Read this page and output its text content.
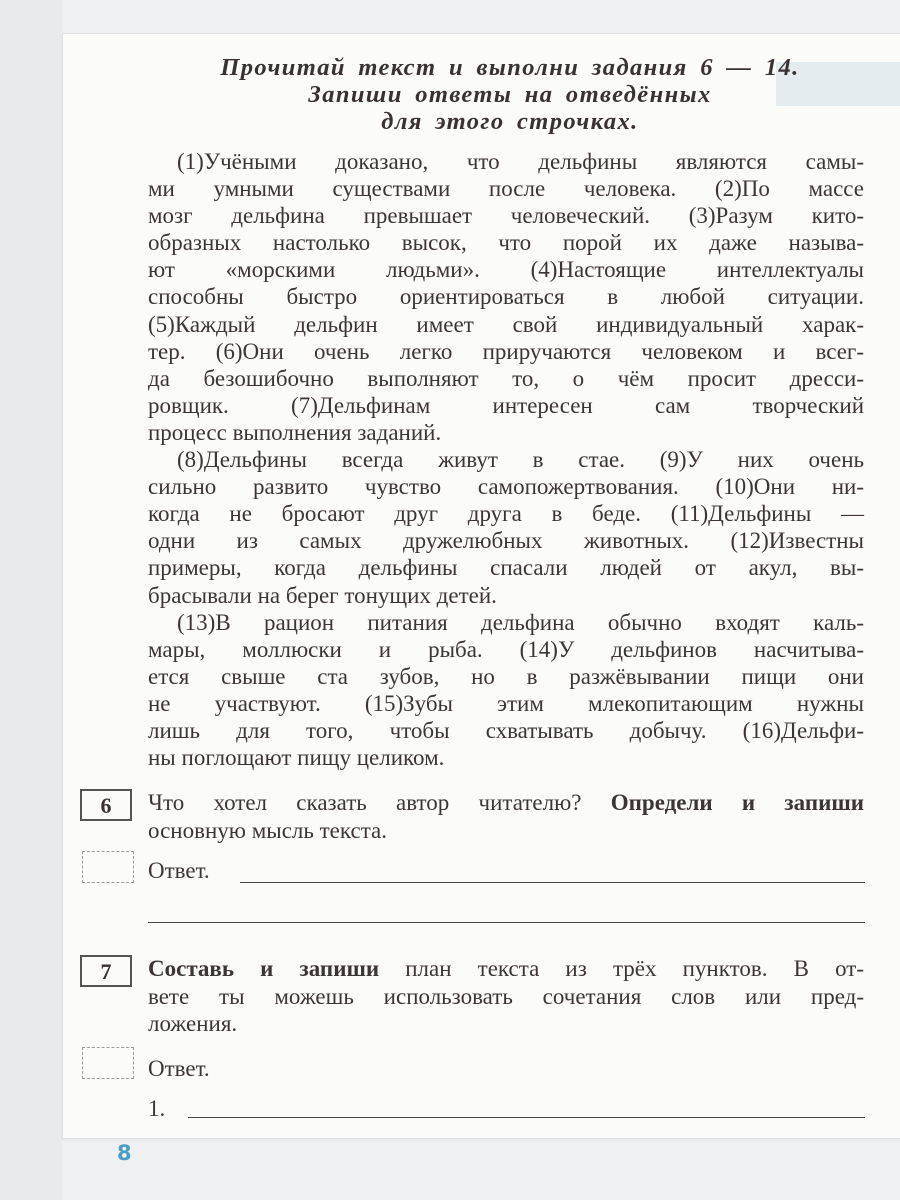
Прочитай текст и выполни задания 6 — 14.
Запиши ответы на отведённых
для этого строчках.
(1)Учёными доказано, что дельфины являются самы-
ми умными существами после человека. (2)По массе
мозг дельфина превышает человеческий. (3)Разум кито-
образных настолько высок, что порой их даже называ-
ют «морскими людьми». (4)Настоящие интеллектуалы
способны быстро ориентироваться в любой ситуации.
(5)Каждый дельфин имеет свой индивидуальный харак-
тер. (6)Они очень легко приручаются человеком и всег-
да безошибочно выполняют то, о чём просит дресси-
ровщик. (7)Дельфинам интересен сам творческий
процесс выполнения заданий.
(8)Дельфины всегда живут в стае. (9)У них очень
сильно развито чувство самопожертвования. (10)Они ни-
когда не бросают друг друга в беде. (11)Дельфины —
одни из самых дружелюбных животных. (12)Известны
примеры, когда дельфины спасали людей от акул, вы-
брасывали на берег тонущих детей.
(13)В рацион питания дельфина обычно входят каль-
мары, моллюски и рыба. (14)У дельфинов насчитыва-
ется свыше ста зубов, но в разжёвывании пищи они
не участвуют. (15)Зубы этим млекопитающим нужны
лишь для того, чтобы схватывать добычу. (16)Дельфи-
ны поглощают пищу целиком.
6	Что хотел сказать автор читателю? Определи и запиши
основную мысль текста.
Ответ.
7	Составь и запиши план текста из трёх пунктов. В от-
вете ты можешь использовать сочетания слов или пред-
ложения.
Ответ.
1.
8
